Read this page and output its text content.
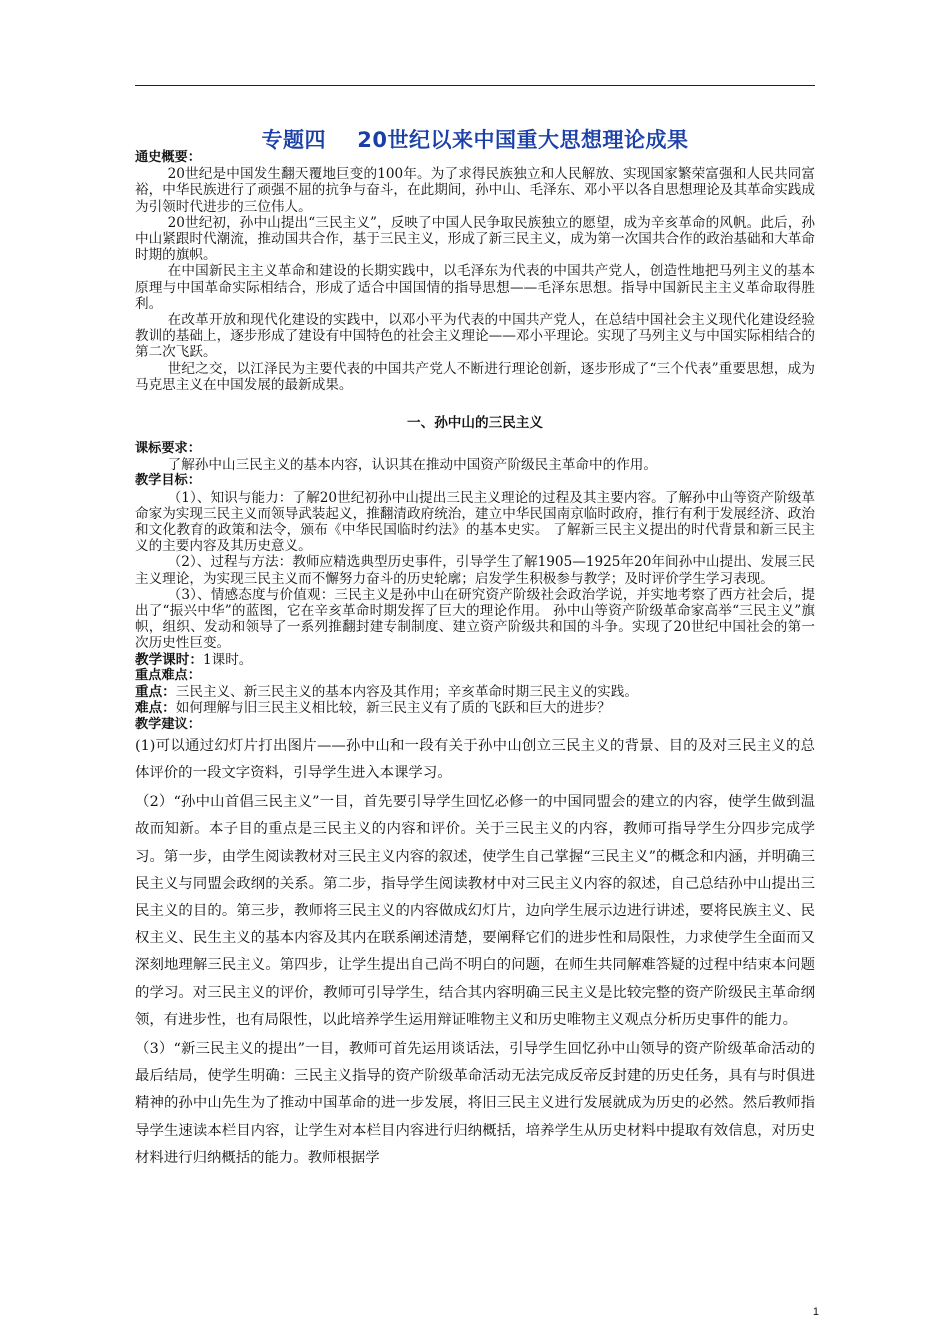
专题四    20世纪以来中国重大思想理论成果
通史概要：

20世纪是中国发生翻天覆地巨变的100年。为了求得民族独立和人民解放、实现国家繁荣富强和人民共同富裕，中华民族进行了顽强不屈的抗争与奋斗，在此期间，孙中山、毛泽东、邓小平以各自思想理论及其革命实践成为引领时代进步的三位伟人。

20世纪初，孙中山提出“三民主义”，反映了中国人民争取民族独立的愿望，成为辛亥革命的风帆。此后，孙中山紧跟时代潮流，推动国共合作，基于三民主义，形成了新三民主义，成为第一次国共合作的政治基础和大革命时期的旗帜。

在中国新民主主义革命和建设的长期实践中，以毛泽东为代表的中国共产党人，创造性地把马列主义的基本原理与中国革命实际相结合，形成了适合中国国情的指导思想——毛泽东思想。指导中国新民主主义革命取得胜利。

在改革开放和现代化建设的实践中，以邓小平为代表的中国共产党人，在总结中国社会主义现代化建设经验教训的基础上，逐步形成了建设有中国特色的社会主义理论——邓小平理论。实现了马列主义与中国实际相结合的第二次飞跃。

世纪之交，以江泽民为主要代表的中国共产党人不断进行理论创新，逐步形成了“三个代表”重要思想，成为马克思主义在中国发展的最新成果。

一、孙中山的三民主义
课标要求：

了解孙中山三民主义的基本内容，认识其在推动中国资产阶级民主革命中的作用。

教学目标：

（1）、知识与能力：了解20世纪初孙中山提出三民主义理论的过程及其主要内容。了解孙中山等资产阶级革命家为实现三民主义而领导武装起义，推翻清政府统治，建立中华民国南京临时政府，推行有利于发展经济、政治和文化教育的政策和法令，颁布《中华民国临时约法》的基本史实。 了解新三民主义提出的时代背景和新三民主义的主要内容及其历史意义。

（2）、过程与方法：教师应精选典型历史事件，引导学生了解1905—1925年20年间孙中山提出、发展三民主义理论，为实现三民主义而不懈努力奋斗的历史轮廓；启发学生积极参与教学；及时评价学生学习表现。

（3）、情感态度与价值观：三民主义是孙中山在研究资产阶级社会政治学说，并实地考察了西方社会后，提出了“振兴中华”的蓝图，它在辛亥革命时期发挥了巨大的理论作用。 孙中山等资产阶级革命家高举“三民主义”旗帜，组织、发动和领导了一系列推翻封建专制制度、建立资产阶级共和国的斗争。实现了20世纪中国社会的第一次历史性巨变。

教学课时：1课时。
重点难点：
重点：三民主义、新三民主义的基本内容及其作用；辛亥革命时期三民主义的实践。
难点：如何理解与旧三民主义相比较，新三民主义有了质的飞跃和巨大的进步？
教学建议：

(1)可以通过幻灯片打出图片——孙中山和一段有关于孙中山创立三民主义的背景、目的及对三民主义的总体评价的一段文字资料，引导学生进入本课学习。

（2）“孙中山首倡三民主义”一目，首先要引导学生回忆必修一的中国同盟会的建立的内容，使学生做到温故而知新。本子目的重点是三民主义的内容和评价。关于三民主义的内容，教师可指导学生分四步完成学习。第一步，由学生阅读教材对三民主义内容的叙述，使学生自己掌握“三民主义”的概念和内涵，并明确三民主义与同盟会政纲的关系。第二步，指导学生阅读教材中对三民主义内容的叙述，自己总结孙中山提出三民主义的目的。第三步，教师将三民主义的内容做成幻灯片，边向学生展示边进行讲述，要将民族主义、民权主义、民生主义的基本内容及其内在联系阐述清楚，要阐释它们的进步性和局限性，力求使学生全面而又深刻地理解三民主义。第四步，让学生提出自己尚不明白的问题，在师生共同解难答疑的过程中结束本问题的学习。对三民主义的评价，教师可引导学生，结合其内容明确三民主义是比较完整的资产阶级民主革命纲领，有进步性，也有局限性，以此培养学生运用辩证唯物主义和历史唯物主义观点分析历史事件的能力。

（3）“新三民主义的提出”一目，教师可首先运用谈话法，引导学生回忆孙中山领导的资产阶级革命活动的最后结局，使学生明确：三民主义指导的资产阶级革命活动无法完成反帝反封建的历史任务，具有与时俱进精神的孙中山先生为了推动中国革命的进一步发展，将旧三民主义进行发展就成为历史的必然。然后教师指导学生速读本栏目内容，让学生对本栏目内容进行归纳概括，培养学生从历史材料中提取有效信息，对历史材料进行归纳概括的能力。教师根据学

1
